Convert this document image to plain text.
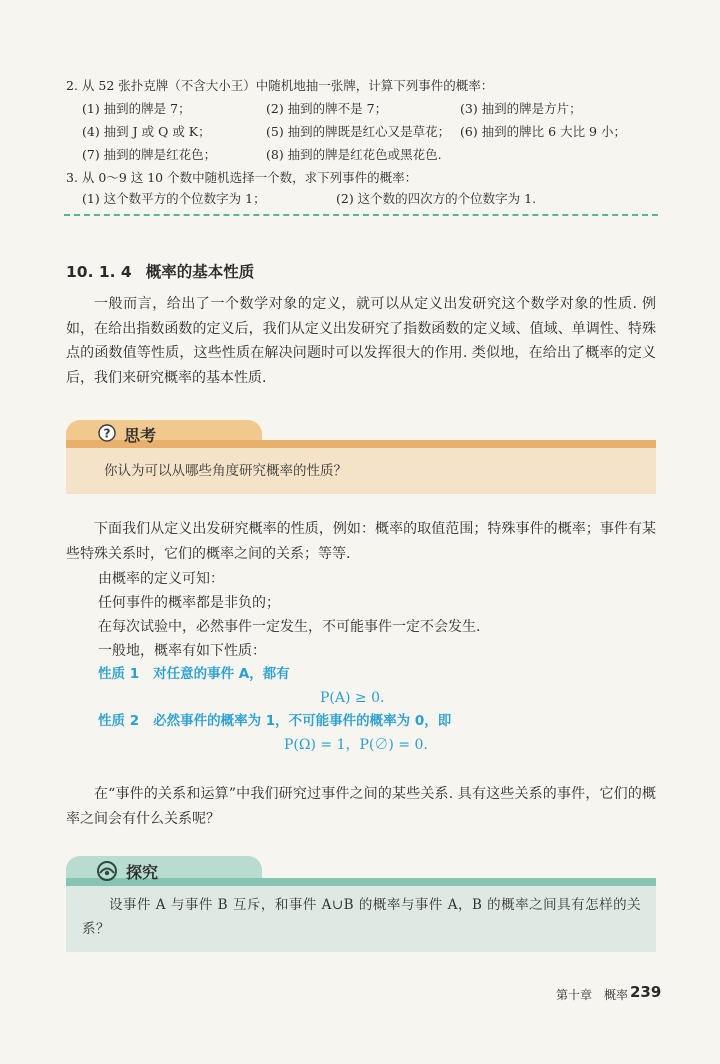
2. 从 52 张扑克牌（不含大小王）中随机地抽一张牌，计算下列事件的概率：
(1) 抽到的牌是 7；	(2) 抽到的牌不是 7；	(3) 抽到的牌是方片；
(4) 抽到 J 或 Q 或 K；	(5) 抽到的牌既是红心又是草花； (6) 抽到的牌比 6 大比 9 小；
(7) 抽到的牌是红花色；	(8) 抽到的牌是红花色或黑花色.
3. 从 0～9 这 10 个数中随机选择一个数，求下列事件的概率：
(1) 这个数平方的个位数字为 1；	(2) 这个数的四次方的个位数字为 1.
10. 1. 4 概率的基本性质

一般而言，给出了一个数学对象的定义，就可以从定义出发研究这个数学对象的性质. 例如，在给出指数函数的定义后，我们从定义出发研究了指数函数的定义域、值域、单调性、特殊点的函数值等性质，这些性质在解决问题时可以发挥很大的作用. 类似地，在给出了概率的定义后，我们来研究概率的基本性质.

? 思考
你认为可以从哪些角度研究概率的性质？

下面我们从定义出发研究概率的性质，例如：概率的取值范围；特殊事件的概率；事件有某些特殊关系时，它们的概率之间的关系；等等.

由概率的定义可知：
任何事件的概率都是非负的；
在每次试验中，必然事件一定发生，不可能事件一定不会发生.
一般地，概率有如下性质：
性质 1 对任意的事件 A，都有
P(A) ≥ 0.
性质 2 必然事件的概率为 1，不可能事件的概率为 0，即
P(Ω) = 1，P(∅) = 0.

在“事件的关系和运算”中我们研究过事件之间的某些关系. 具有这些关系的事件，它们的概率之间会有什么关系呢？

探究
设事件 A 与事件 B 互斥，和事件 A∪B 的概率与事件 A，B 的概率之间具有怎样的关系？
第十章　概率 239
